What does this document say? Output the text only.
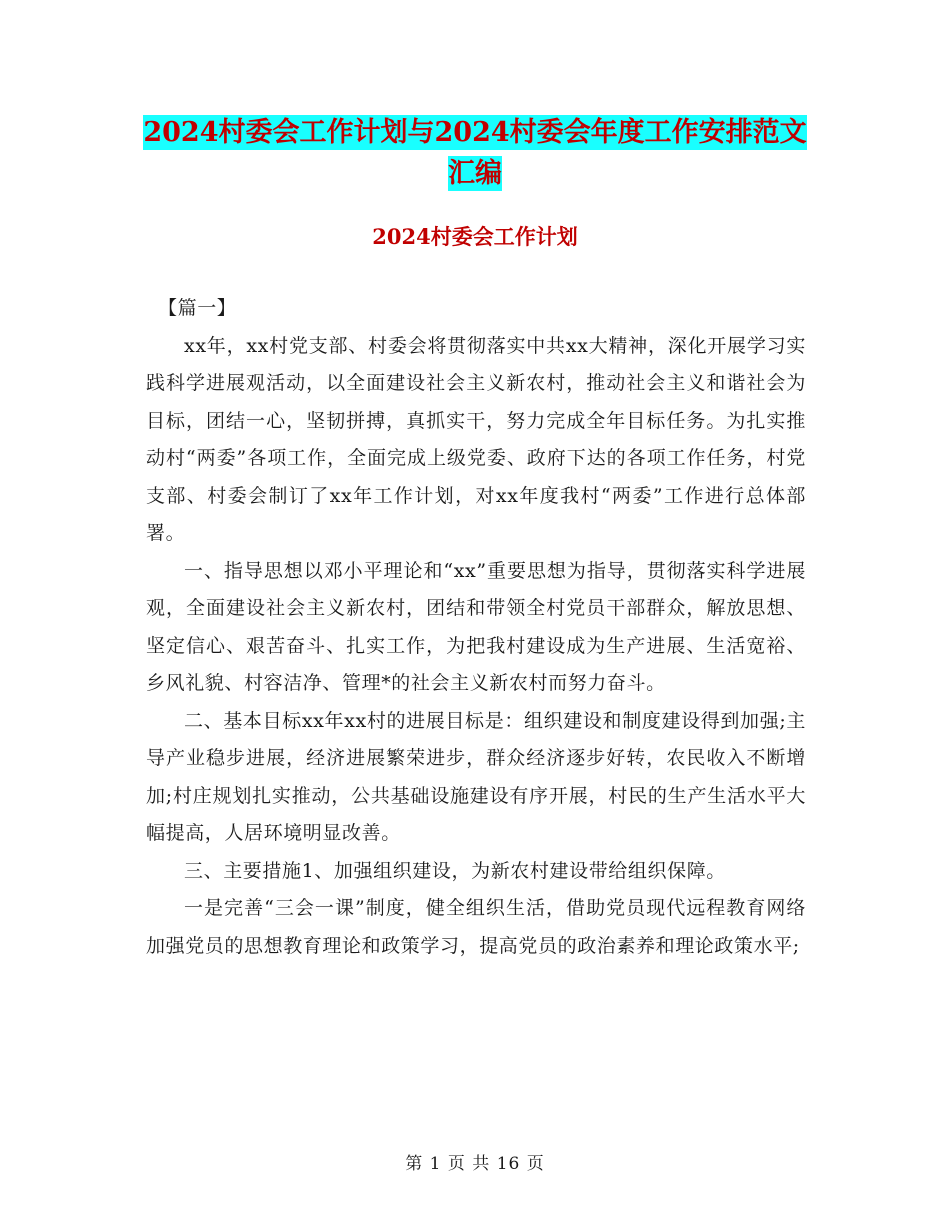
2024村委会工作计划与2024村委会年度工作安排范文
汇编
2024村委会工作计划

【篇一】

xx年，xx村党支部、村委会将贯彻落实中共xx大精神，深化开展学习实践科学进展观活动，以全面建设社会主义新农村，推动社会主义和谐社会为目标，团结一心，坚韧拼搏，真抓实干，努力完成全年目标任务。为扎实推动村“两委”各项工作，全面完成上级党委、政府下达的各项工作任务，村党支部、村委会制订了xx年工作计划，对xx年度我村“两委”工作进行总体部署。

一、指导思想以邓小平理论和“xx”重要思想为指导，贯彻落实科学进展观，全面建设社会主义新农村，团结和带领全村党员干部群众，解放思想、坚定信心、艰苦奋斗、扎实工作，为把我村建设成为生产进展、生活宽裕、乡风礼貌、村容洁净、管理*的社会主义新农村而努力奋斗。

二、基本目标xx年xx村的进展目标是：组织建设和制度建设得到加强;主导产业稳步进展，经济进展繁荣进步，群众经济逐步好转，农民收入不断增加;村庄规划扎实推动，公共基础设施建设有序开展，村民的生产生活水平大幅提高，人居环境明显改善。

三、主要措施1、加强组织建设，为新农村建设带给组织保障。

一是完善“三会一课”制度，健全组织生活，借助党员现代远程教育网络加强党员的思想教育理论和政策学习，提高党员的政治素养和理论政策水平;

第 1 页 共 16 页
